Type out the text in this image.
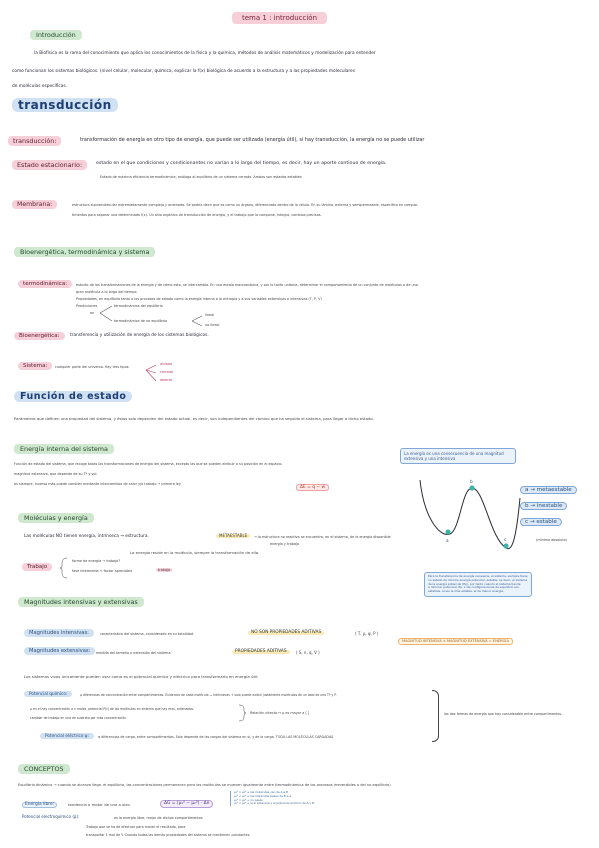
tema 1 : introducción
Introducción
la Biofísica es la rama del conocimiento que aplica los conocimientos de la física y la química, métodos de análisis matemáticos y modelización para entender
como funcionan los sistemas biológicos. (nivel celular, molecular, química, explicar la f(x) biológica de acuerdo a la estructura y a las propiedades moleculares
de moléculas específicas.
transducción
transducción:	transformación de energía en otro tipo de energía, que puede ser utilizada (energía útil), si hay transducción, la energía no se puede utilizar
Estado estacionario:	estado en el que condiciones y condicionantes no varían a lo largo del tiempo, es decir, hay un aporte continuo de energía.
Estado de máxima eficiencia termodinámica, análogo al equilibrio de un sistema cerrado. Ambos son estados estables
Membrana:	estructura supramolecular extremadamente compleja y ordenada. Se podría decir que es como un órgano, diferenciado dentro de la célula. En su lámina, externa y semipermeable, específica en compar-
timentos para separar una determinada f(x). Un sitio orgánico de transducción de energía, y el trabajo que la compone, integra, cambios precisos.
Bioenergética, termodinámica y sistema
termodinámica:	estudio de las transformaciones de la energía y de cómo esta, se intercambia. En una escala macroscópica, y por lo tanto unitaria, determinar el comportamiento de un conjunto de moléculas o de una
gran molécula a lo largo del tiempo.
Propiedades, en equilibrio tanto a los procesos de estado como la energía interna o la entropía y a sus variables extensivas o intensivas (T, P, V)
Predicciones
en
termodinámica del equilibrio
termodinámica de no equilibrio
lineal
no lineal
Bioenergética:	transferencia y utilización de energía de los sistemas biológicos.
Sistema:	cualquier parte del universo. Hay tres tipos:
aislado
cerrado
abierto
Función de estado
Parámetros que definen una propiedad del sistema, y éstos solo dependen del estado actual, es decir, son independientes del camino que ha seguido el sistema, para llegar a dicho estado.
Energía interna del sistema
Función de estado del sistema, que recoge todas las transformaciones de energía del sistema, excepto las que se pueden atribuir a su posición en el espacio.
magnitud extensiva, que depende de su Tª y vol.
es siempre, inversa más puede cambiar mediante intercambios de calor y/o trabajo → primera ley
ΔE = q − w
La energía es una consecuencia de una magnitud extensiva y una intensiva
a
b
c
a → metaestable
b → inestable
c → estable
(mínimo absoluto)
Para la transferencia de energía necesaria, el sistema, siempre tiene
un estado de mínima energía potencial, estable, es decir, el sistema
de la energía potencial (Ep), por tanto cuando el sistema tiende
a mínima. potencial, Ep ↓ las configuraciones de equilibrio son
estables, al ser la más estable, el de menor energía.
Moléculas y energía
Las moléculas NO tienen energía, intrínseca → estructura.	METAESTABLE	→ la estructura no reactiva se encuentra, en el sistema, de la energía disponible
energía y trabajo
La energía reside en la molécula, siempre la transformación de ella.
Trabajo
forma de energía → trabajo?
fase intermedia + factor apreciable	trabajo
Magnitudes intensivas y extensivas
Magnitudes intensivas:	característica del sistema, considerado en su totalidad.	NO SON PROPIEDADES ADITIVAS	( T, μ, ψ, P )
Magnitudes extensivas:	medida del tamaño o extensión del sistema.	PROPIEDADES ADITIVAS	( S, n, q, V )
MAGNITUD INTENSIVA × MAGNITUD EXTENSIVA = ENERGÍA
Los sistemas vivos únicamente pueden usar como es el potencial químico y eléctrico para transformarlo en energía útil:
Potencial químico:	μ diferencias de concentración entre compartimentos. Evidencia de cada molécula → intrínsecas + solo puede existir justamente moléculas de un lado de una Tª y P.
μ en el hay concentración a n moles, potencial P(t) de las moléculas en sistema que hay mas, ordenados.
cambiar de trabajo en una de sustrato por más concentración.
Relación directa ↔ μ es mayor a [ ]
Potencial eléctrico ψ:	ψ diferencias de carga, entre compartimentos. Solo depende de las cargas del sistema en sí, y de la carga. TODA LAS MOLÉCULAS CARGADAS.
las dos formas de energía que hay considerable entre compartimentos.
CONCEPTOS
Equilibrio dinámico → cuando se alcanza llega. el equilibrio, las concentraciones permanecen pero las moléculas se mueven igualmente entre (termodinámica de los procesos irreversibles o del no equilibrio)
Energía libre:	tendencia o motor de una a otro	ΔG = (μ₁⁰ − μ₂⁰) · Δn
μ₁⁰ > μ₂⁰ → las moléculas van de A a B
μ₁⁰ < μ₂⁰ → las moléculas pasan de B a A
μ₁⁰ = μ₂⁰ → no pasan
μ₁⁰ = μ₂⁰ → si el potencial y el potencial químico de A y B
Potencial electroquímico (μ̃):	es la energía libre, mejor de dichos compartimentos
Trabajo que se ha de efectuar para mover el resultado, para
transportar 1 mol de Y. Cuando todas las demás propiedades del sistema se mantienen constantes.
